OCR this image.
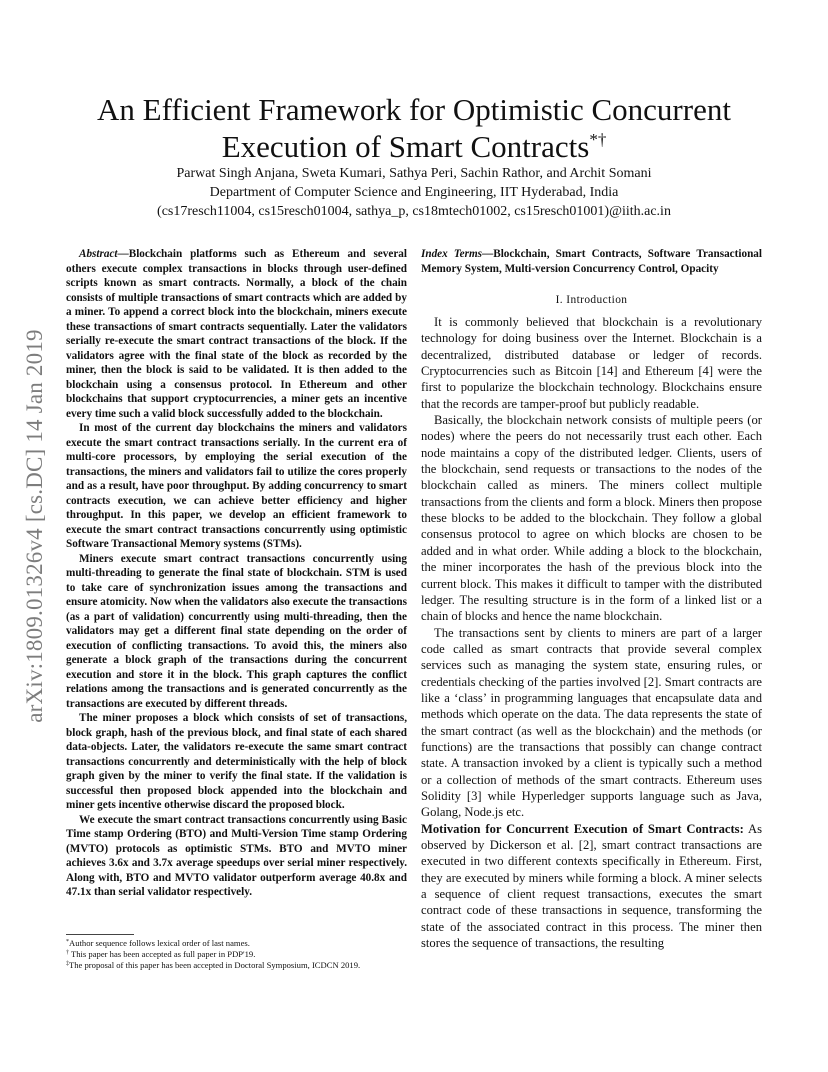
arXiv:1809.01326v4 [cs.DC] 14 Jan 2019
An Efficient Framework for Optimistic Concurrent
Execution of Smart Contracts*†
Parwat Singh Anjana, Sweta Kumari, Sathya Peri, Sachin Rathor, and Archit Somani
Department of Computer Science and Engineering, IIT Hyderabad, India
(cs17resch11004, cs15resch01004, sathya_p, cs18mtech01002, cs15resch01001)@iith.ac.in

Abstract—Blockchain platforms such as Ethereum and several others execute complex transactions in blocks through user-defined scripts known as smart contracts. Normally, a block of the chain consists of multiple transactions of smart contracts which are added by a miner. To append a correct block into the blockchain, miners execute these transactions of smart contracts sequentially. Later the validators serially re-execute the smart contract transactions of the block. If the validators agree with the final state of the block as recorded by the miner, then the block is said to be validated. It is then added to the blockchain using a consensus protocol. In Ethereum and other blockchains that support cryptocurrencies, a miner gets an incentive every time such a valid block successfully added to the blockchain.

In most of the current day blockchains the miners and validators execute the smart contract transactions serially. In the current era of multi-core processors, by employing the serial execution of the transactions, the miners and validators fail to utilize the cores properly and as a result, have poor throughput. By adding concurrency to smart contracts execution, we can achieve better efficiency and higher throughput. In this paper, we develop an efficient framework to execute the smart contract transactions concurrently using optimistic Software Transactional Memory systems (STMs).

Miners execute smart contract transactions concurrently using multi-threading to generate the final state of blockchain. STM is used to take care of synchronization issues among the transactions and ensure atomicity. Now when the validators also execute the transactions (as a part of validation) concurrently using multi-threading, then the validators may get a different final state depending on the order of execution of conflicting transactions. To avoid this, the miners also generate a block graph of the transactions during the concurrent execution and store it in the block. This graph captures the conflict relations among the transactions and is generated concurrently as the transactions are executed by different threads.

The miner proposes a block which consists of set of transactions, block graph, hash of the previous block, and final state of each shared data-objects. Later, the validators re-execute the same smart contract transactions concurrently and deterministically with the help of block graph given by the miner to verify the final state. If the validation is successful then proposed block appended into the blockchain and miner gets incentive otherwise discard the proposed block.

We execute the smart contract transactions concurrently using Basic Time stamp Ordering (BTO) and Multi-Version Time stamp Ordering (MVTO) protocols as optimistic STMs. BTO and MVTO miner achieves 3.6x and 3.7x average speedups over serial miner respectively. Along with, BTO and MVTO validator outperform average 40.8x and 47.1x than serial validator respectively.

*Author sequence follows lexical order of last names.
† This paper has been accepted as full paper in PDP'19.
‡The proposal of this paper has been accepted in Doctoral Symposium, ICDCN 2019.

Index Terms—Blockchain, Smart Contracts, Software Transactional Memory System, Multi-version Concurrency Control, Opacity

I. Introduction

It is commonly believed that blockchain is a revolutionary technology for doing business over the Internet. Blockchain is a decentralized, distributed database or ledger of records. Cryptocurrencies such as Bitcoin [14] and Ethereum [4] were the first to popularize the blockchain technology. Blockchains ensure that the records are tamper-proof but publicly readable.

Basically, the blockchain network consists of multiple peers (or nodes) where the peers do not necessarily trust each other. Each node maintains a copy of the distributed ledger. Clients, users of the blockchain, send requests or transactions to the nodes of the blockchain called as miners. The miners collect multiple transactions from the clients and form a block. Miners then propose these blocks to be added to the blockchain. They follow a global consensus protocol to agree on which blocks are chosen to be added and in what order. While adding a block to the blockchain, the miner incorporates the hash of the previous block into the current block. This makes it difficult to tamper with the distributed ledger. The resulting structure is in the form of a linked list or a chain of blocks and hence the name blockchain.

The transactions sent by clients to miners are part of a larger code called as smart contracts that provide several complex services such as managing the system state, ensuring rules, or credentials checking of the parties involved [2]. Smart contracts are like a ‘class’ in programming languages that encapsulate data and methods which operate on the data. The data represents the state of the smart contract (as well as the blockchain) and the methods (or functions) are the transactions that possibly can change contract state. A transaction invoked by a client is typically such a method or a collection of methods of the smart contracts. Ethereum uses Solidity [3] while Hyperledger supports language such as Java, Golang, Node.js etc.

Motivation for Concurrent Execution of Smart Contracts: As observed by Dickerson et al. [2], smart contract transactions are executed in two different contexts specifically in Ethereum. First, they are executed by miners while forming a block. A miner selects a sequence of client request transactions, executes the smart contract code of these transactions in sequence, transforming the state of the associated contract in this process. The miner then stores the sequence of transactions, the resulting
